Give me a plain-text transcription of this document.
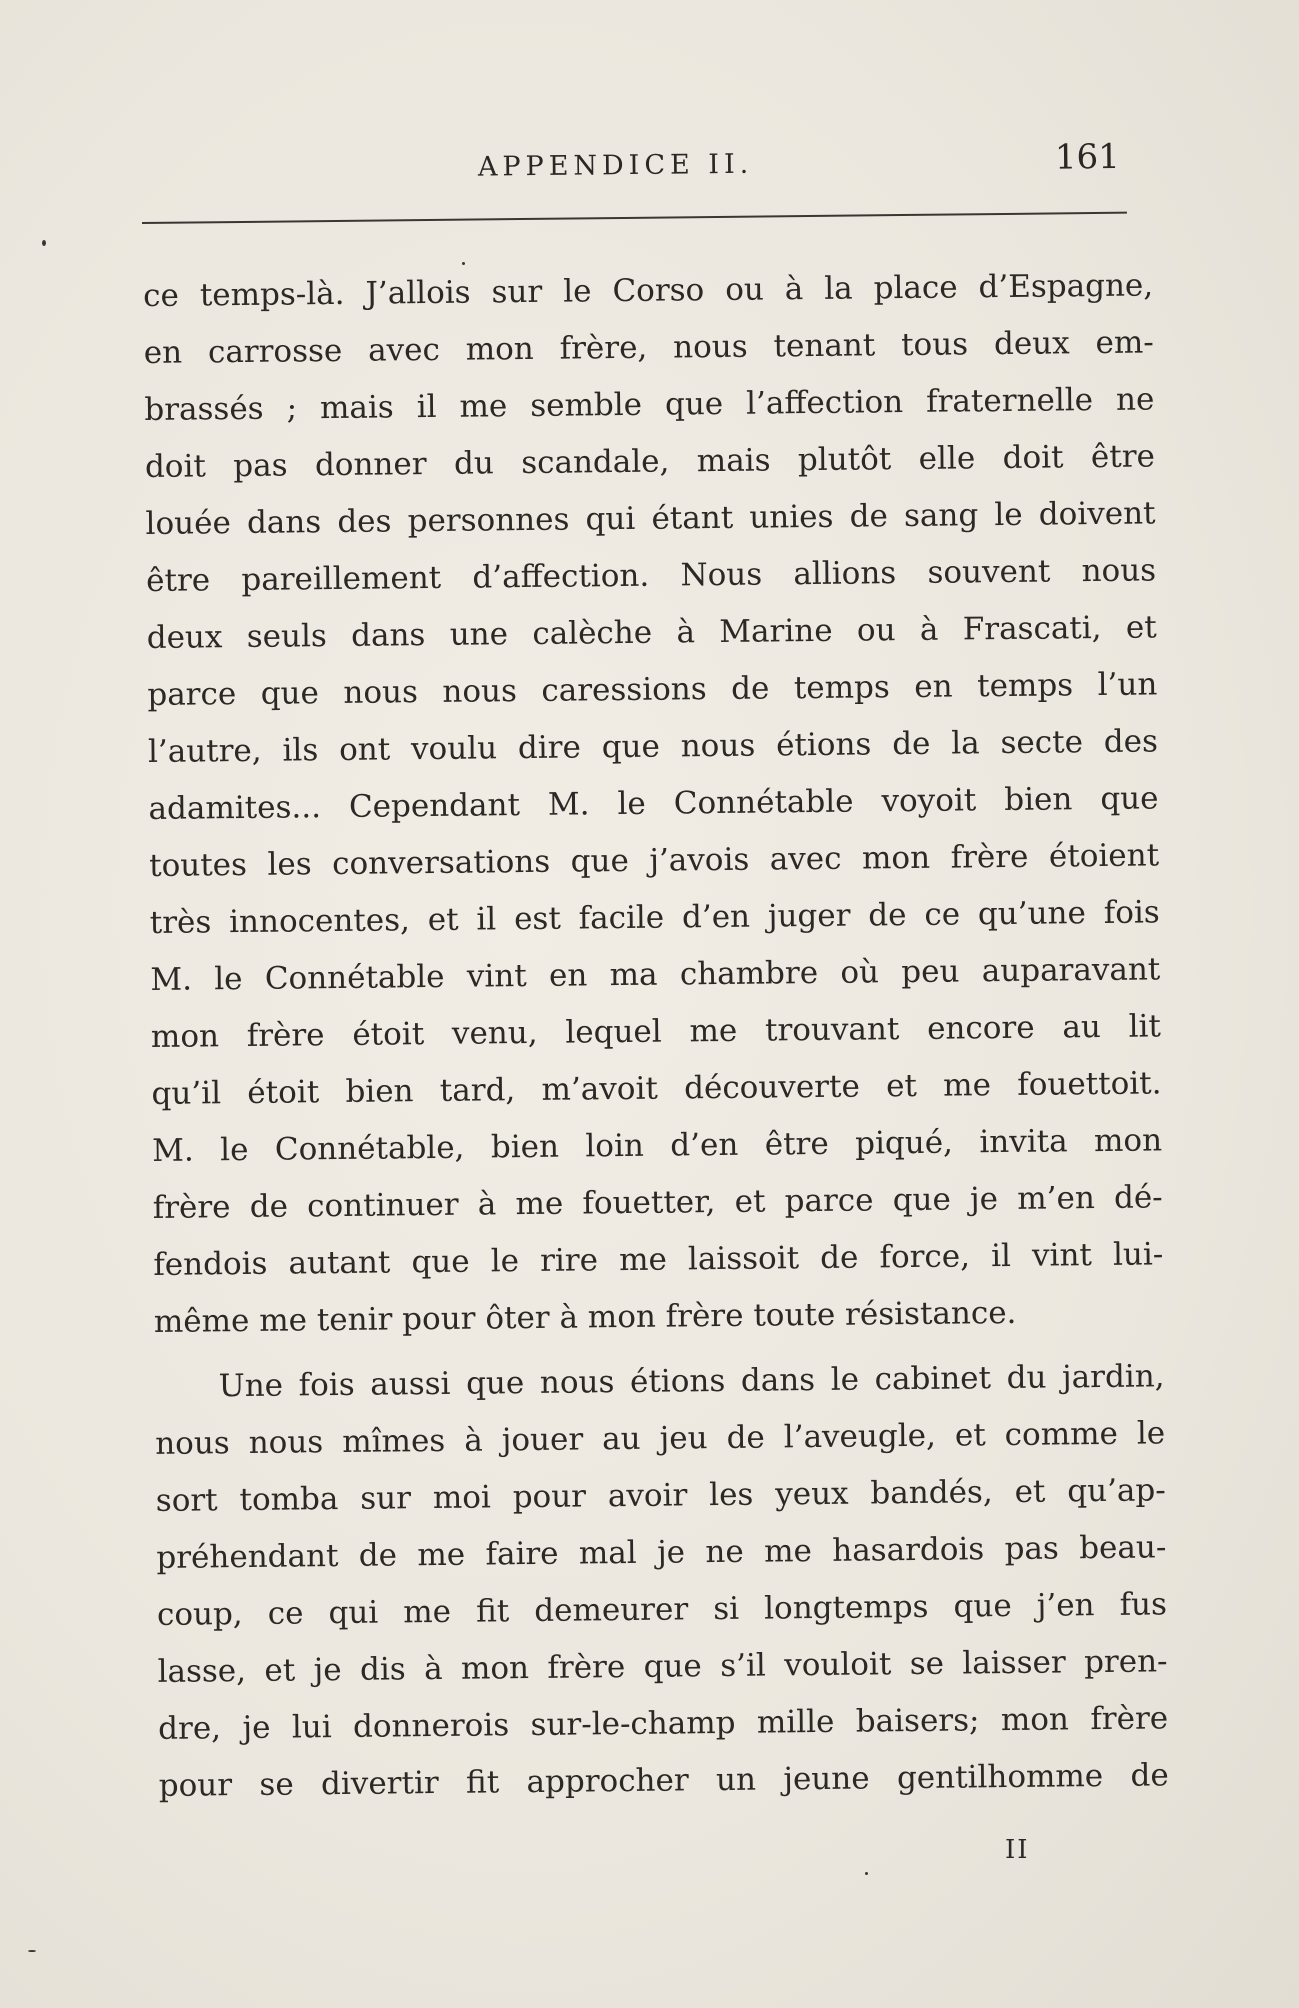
APPENDICE II.	161
ce temps-là. J’allois sur le Corso ou à la place d’Espagne,
en carrosse avec mon frère, nous tenant tous deux em-
brassés ; mais il me semble que l’affection fraternelle ne
doit pas donner du scandale, mais plutôt elle doit être
louée dans des personnes qui étant unies de sang le doivent
être pareillement d’affection. Nous allions souvent nous
deux seuls dans une calèche à Marine ou à Frascati, et
parce que nous nous caressions de temps en temps l’un
l’autre, ils ont voulu dire que nous étions de la secte des
adamites... Cependant M. le Connétable voyoit bien que
toutes les conversations que j’avois avec mon frère étoient
très innocentes, et il est facile d’en juger de ce qu’une fois
M. le Connétable vint en ma chambre où peu auparavant
mon frère étoit venu, lequel me trouvant encore au lit
qu’il étoit bien tard, m’avoit découverte et me fouettoit.
M. le Connétable, bien loin d’en être piqué, invita mon
frère de continuer à me fouetter, et parce que je m’en dé-
fendois autant que le rire me laissoit de force, il vint lui-
même me tenir pour ôter à mon frère toute résistance.
Une fois aussi que nous étions dans le cabinet du jardin,
nous nous mîmes à jouer au jeu de l’aveugle, et comme le
sort tomba sur moi pour avoir les yeux bandés, et qu’ap-
préhendant de me faire mal je ne me hasardois pas beau-
coup, ce qui me fit demeurer si longtemps que j’en fus
lasse, et je dis à mon frère que s’il vouloit se laisser pren-
dre, je lui donnerois sur-le-champ mille baisers; mon frère
pour se divertir fit approcher un jeune gentilhomme de
II
